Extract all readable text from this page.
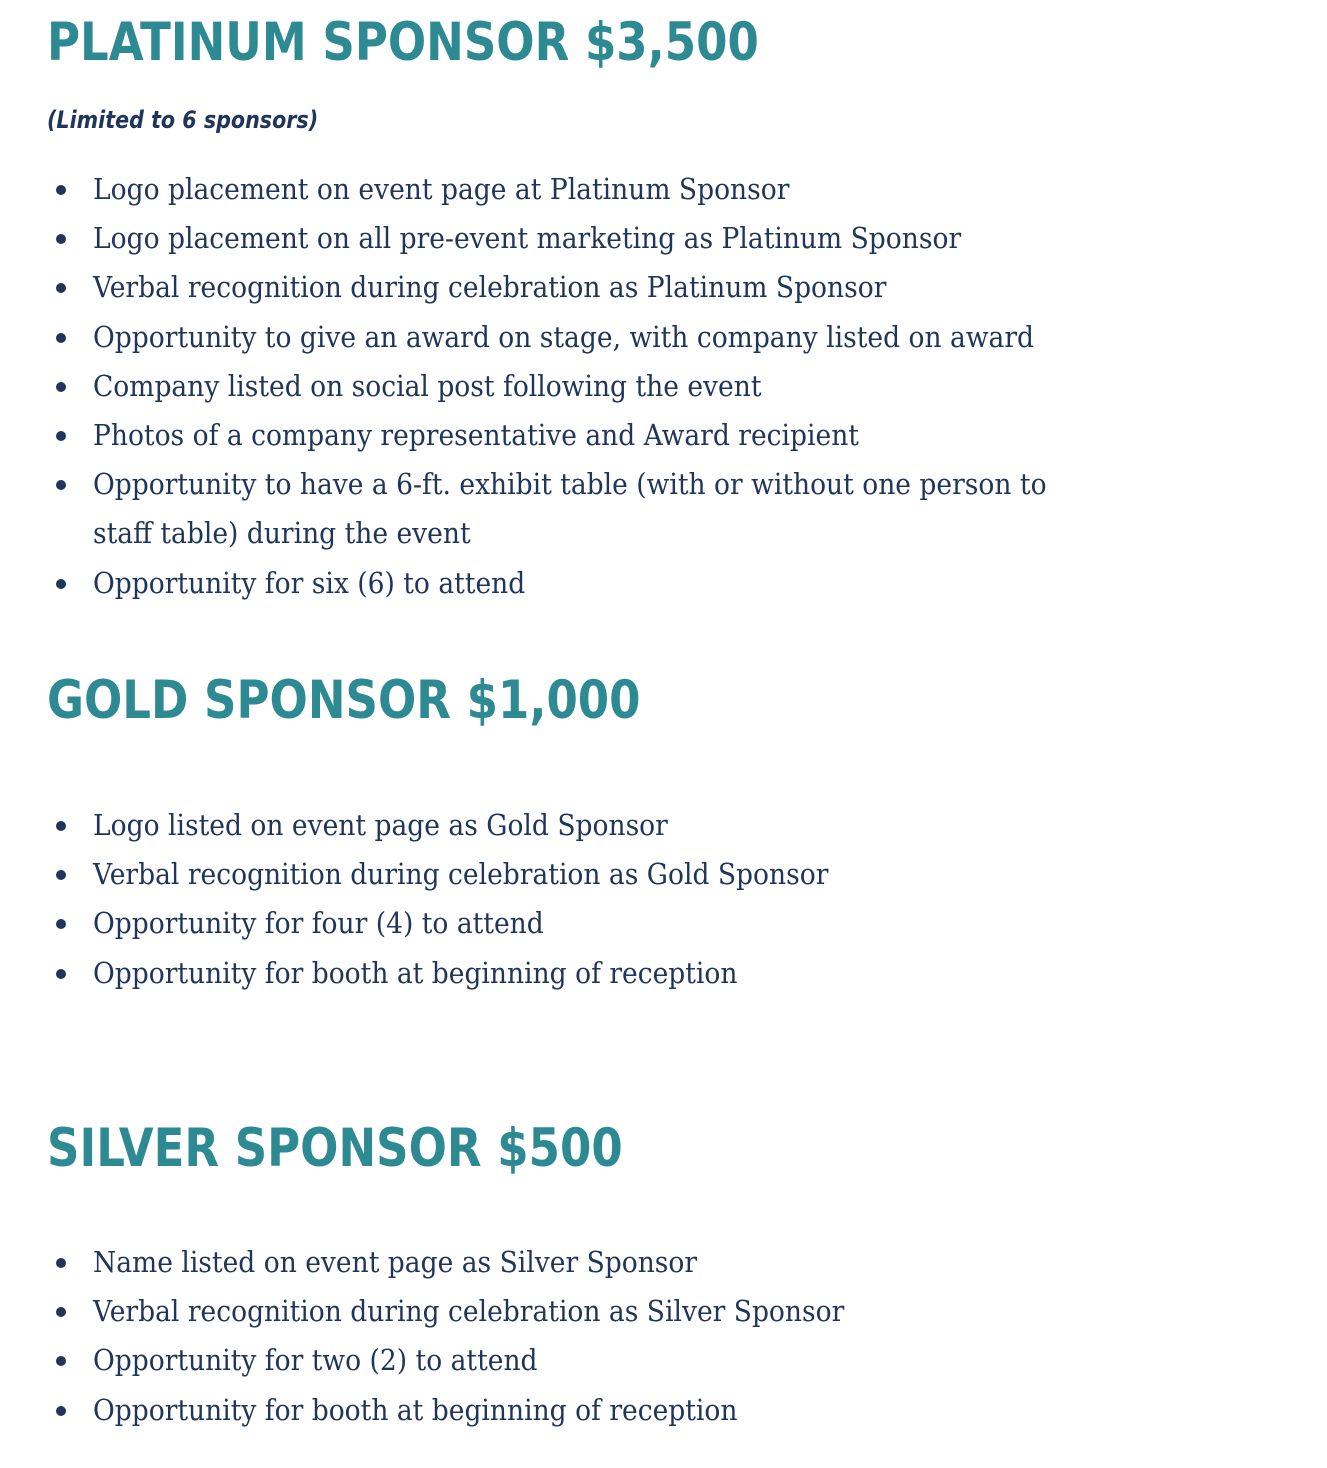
PLATINUM SPONSOR $3,500

(Limited to 6 sponsors)

Logo placement on event page at Platinum Sponsor
Logo placement on all pre-event marketing as Platinum Sponsor
Verbal recognition during celebration as Platinum Sponsor
Opportunity to give an award on stage, with company listed on award
Company listed on social post following the event
Photos of a company representative and Award recipient
Opportunity to have a 6-ft. exhibit table (with or without one person to
staff table) during the event
Opportunity for six (6) to attend
GOLD SPONSOR $1,000
Logo listed on event page as Gold Sponsor
Verbal recognition during celebration as Gold Sponsor
Opportunity for four (4) to attend
Opportunity for booth at beginning of reception
SILVER SPONSOR $500
Name listed on event page as Silver Sponsor
Verbal recognition during celebration as Silver Sponsor
Opportunity for two (2) to attend
Opportunity for booth at beginning of reception
